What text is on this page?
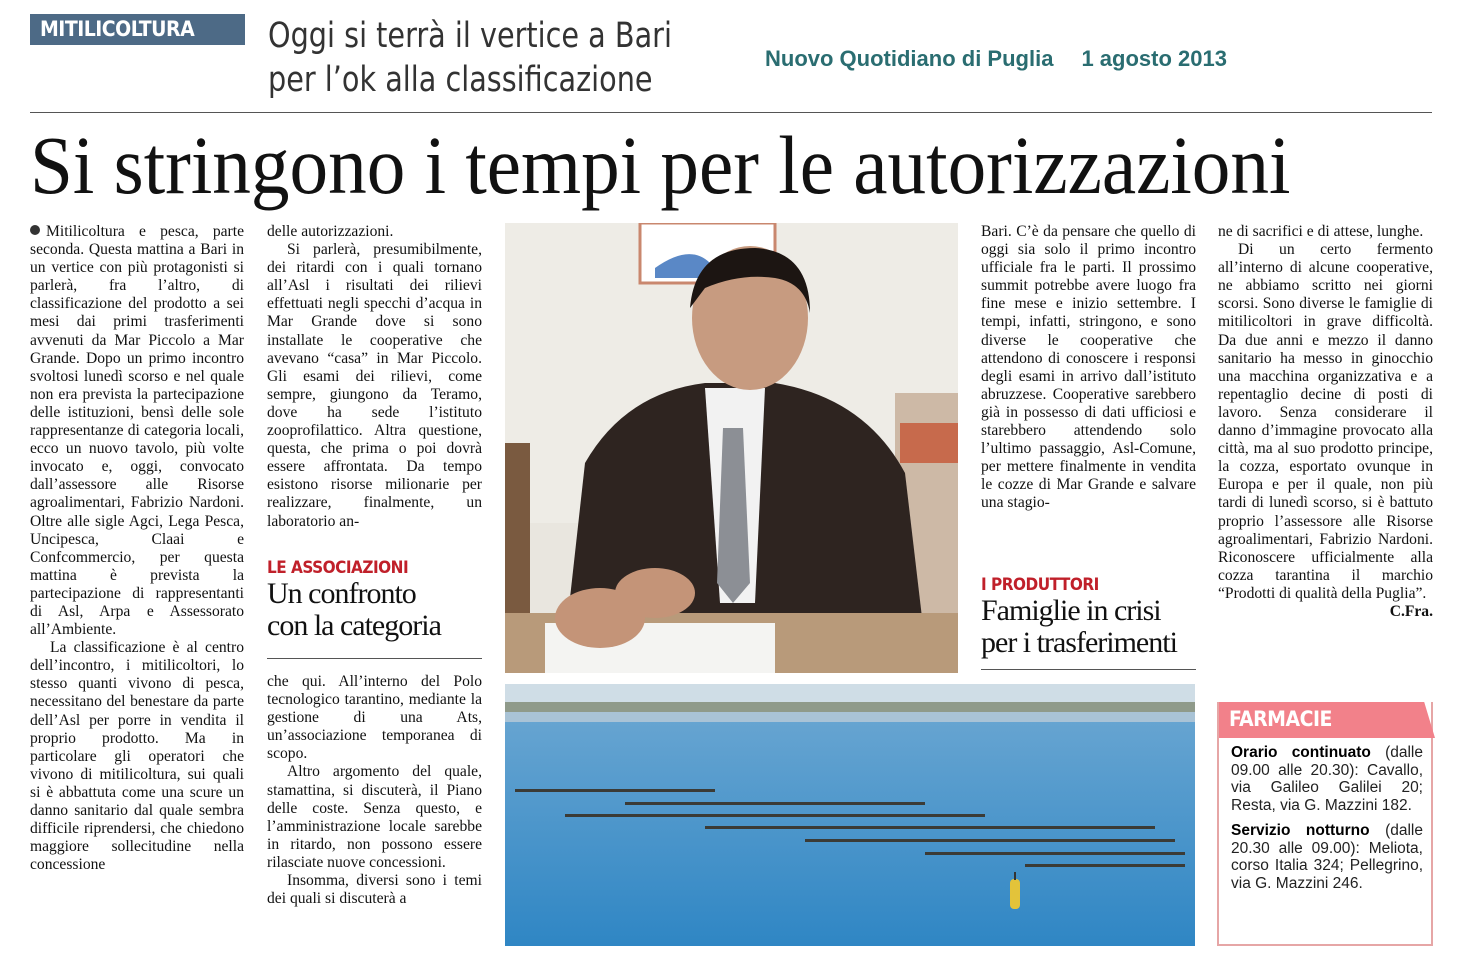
MITILICOLTURA	Oggi si terrà il vertice a Bari
per l’ok alla classificazione
Nuovo Quotidiano di Puglia 1 agosto 2013
Si stringono i tempi per le autorizzazioni

Mitilicoltura e pesca, parte seconda. Questa mattina a Bari in un vertice con più protagonisti si parlerà, fra l’altro, di classificazione del prodotto a sei mesi dai primi trasferimenti avvenuti da Mar Piccolo a Mar Grande. Dopo un primo incontro svoltosi lunedì scorso e nel quale non era prevista la partecipazione delle istituzioni, bensì delle sole rappresentanze di categoria locali, ecco un nuovo tavolo, più volte invocato e, oggi, convocato dall’assessore alle Risorse agroalimentari, Fabrizio Nardoni. Oltre alle sigle Agci, Lega Pesca, Uncipesca, Claai e Confcommercio, per questa mattina è prevista la partecipazione di rappresentanti di Asl, Arpa e Assessorato all’Ambiente.

La classificazione è al centro dell’incontro, i mitilicoltori, lo stesso quanti vivono di pesca, necessitano del benestare da parte dell’Asl per porre in vendita il proprio prodotto. Ma in particolare gli operatori che vivono di mitilicoltura, sui quali si è abbattuta come una scure un danno sanitario dal quale sembra difficile riprendersi, che chiedono maggiore sollecitudine nella concessione

delle autorizzazioni.

Si parlerà, presumibilmente, dei ritardi con i quali tornano all’Asl i risultati dei rilievi effettuati negli specchi d’acqua in Mar Grande dove si sono installate le cooperative che avevano “casa” in Mar Piccolo. Gli esami dei rilievi, come sempre, giungono da Teramo, dove ha sede l’istituto zooprofilattico. Altra questione, questa, che prima o poi dovrà essere affrontata. Da tempo esistono risorse milionarie per realizzare, finalmente, un laboratorio an-

LE ASSOCIAZIONI
Un confronto
con la categoria

che qui. All’interno del Polo tecnologico tarantino, mediante la gestione di una Ats, un’associazione temporanea di scopo.

Altro argomento del quale, stamattina, si discuterà, il Piano delle coste. Senza questo, e l’amministrazione locale sarebbe in ritardo, non possono essere rilasciate nuove concessioni.

Insomma, diversi sono i temi dei quali si discuterà a

Bari. C’è da pensare che quello di oggi sia solo il primo incontro ufficiale fra le parti. Il prossimo summit potrebbe avere luogo fra fine mese e inizio settembre. I tempi, infatti, stringono, e sono diverse le cooperative che attendono di conoscere i responsi degli esami in arrivo dall’istituto abruzzese. Cooperative sarebbero già in possesso di dati ufficiosi e starebbero attendendo solo l’ultimo passaggio, Asl-Comune, per mettere finalmente in vendita le cozze di Mar Grande e salvare una stagio-

I PRODUTTORI
Famiglie in crisi
per i trasferimenti

ne di sacrifici e di attese, lunghe.

Di un certo fermento all’interno di alcune cooperative, ne abbiamo scritto nei giorni scorsi. Sono diverse le famiglie di mitilicoltori in grave difficoltà. Da due anni e mezzo il danno sanitario ha messo in ginocchio una macchina organizzativa e a repentaglio decine di posti di lavoro. Senza considerare il danno d’immagine provocato alla città, ma al suo prodotto principe, la cozza, esportato ovunque in Europa e per il quale, non più tardi di lunedì scorso, si è battuto proprio l’assessore alle Risorse agroalimentari, Fabrizio Nardoni. Riconoscere ufficialmente alla cozza tarantina il marchio “Prodotti di qualità della Puglia”.

C.Fra.

FARMACIE

Orario continuato (dalle 09.00 alle 20.30): Cavallo, via Galileo Galilei 20; Resta, via G. Mazzini 182.

Servizio notturno (dalle 20.30 alle 09.00): Meliota, corso Italia 324; Pellegrino, via G. Mazzini 246.
